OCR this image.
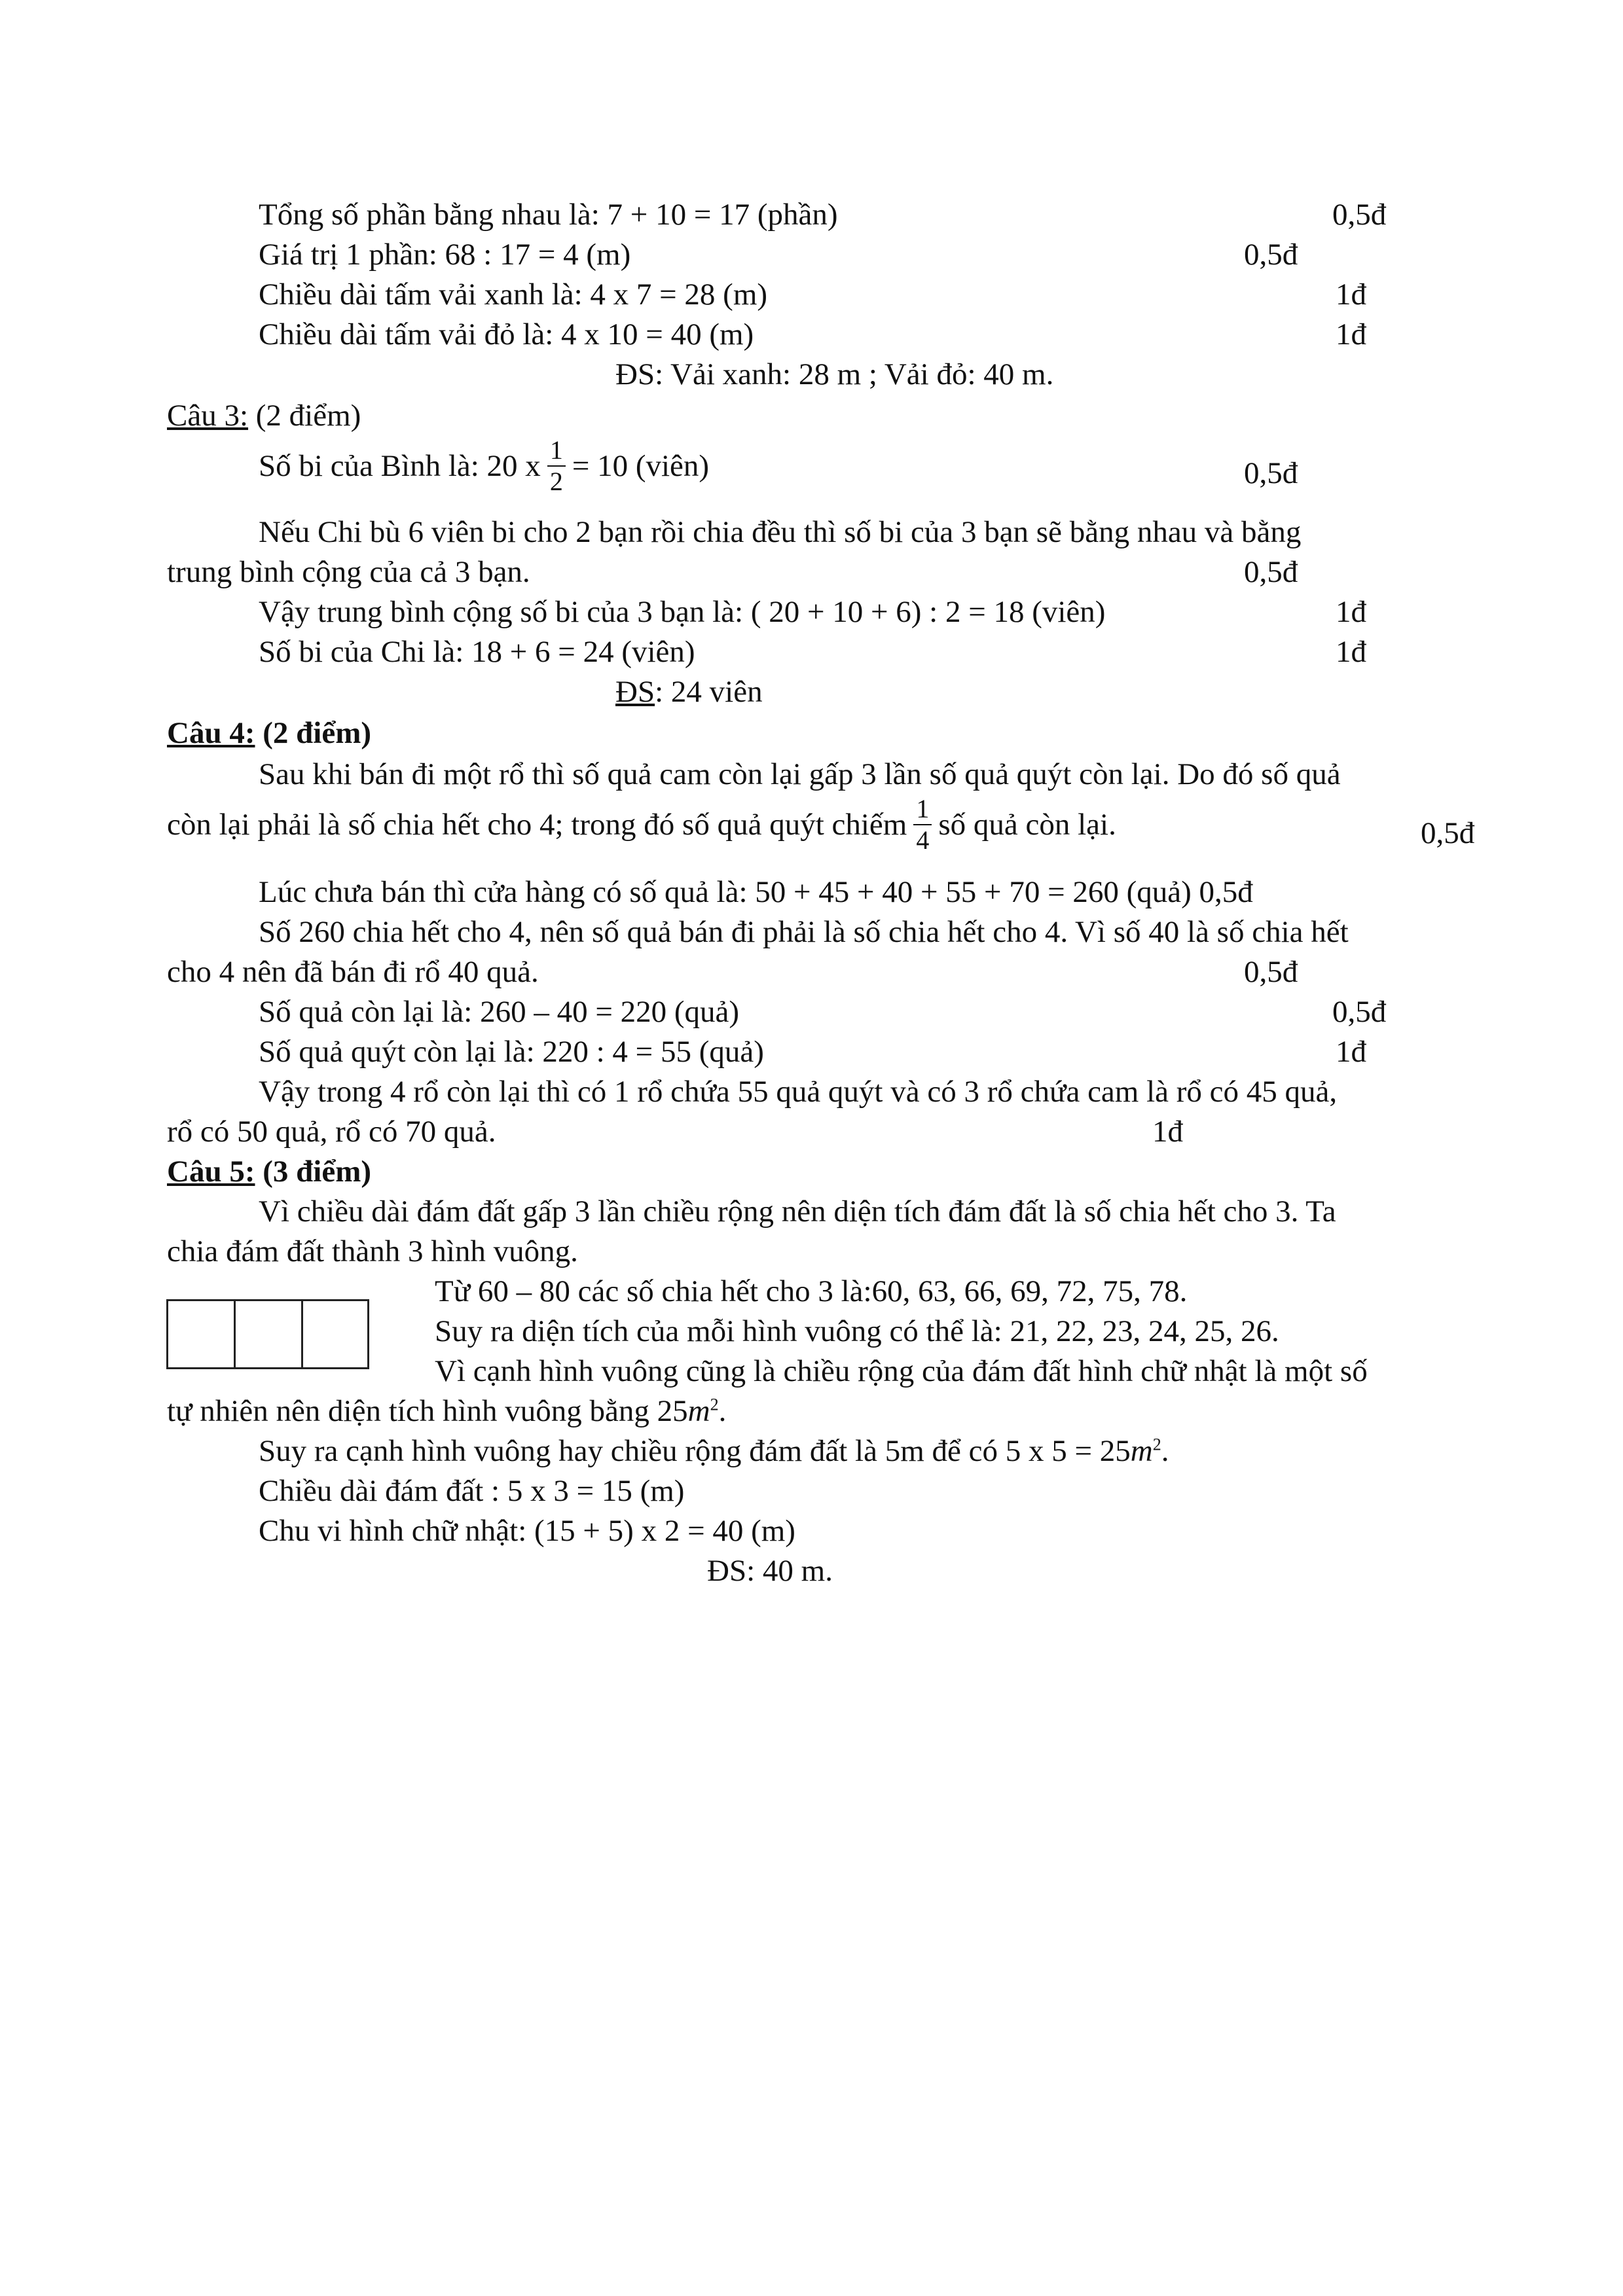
Tổng số phần bằng nhau là: 7 + 10 = 17 (phần)	0,5đ
Giá trị 1 phần: 68 : 17 = 4 (m)	0,5đ
Chiều dài tấm vải xanh là: 4 x 7 = 28 (m)	1đ
Chiều dài tấm vải đỏ là: 4 x 10 = 40 (m)	1đ
ĐS: Vải xanh: 28 m ; Vải đỏ: 40 m.
Câu 3: (2 điểm)
Số bi của Bình là: 20 x $\frac{1}{2} = 10$ (viên)	0,5đ
Nếu Chi bù 6 viên bi cho 2 bạn rồi chia đều thì số bi của 3 bạn sẽ bằng nhau và bằng
trung bình cộng của cả 3 bạn.	0,5đ
Vậy trung bình cộng số bi của 3 bạn là: ( 20 + 10 + 6) : 2 = 18 (viên)	1đ
Số bi của Chi là: 18 + 6 = 24 (viên)	1đ
ĐS: 24 viên
Câu 4: (2 điểm)
Sau khi bán đi một rổ thì số quả cam còn lại gấp 3 lần số quả quýt còn lại. Do đó số quả
còn lại phải là số chia hết cho 4; trong đó số quả quýt chiếm $\frac{1}{4}$ số quả còn lại.	0,5đ
Lúc chưa bán thì cửa hàng có số quả là: 50 + 45 + 40 + 55 + 70 = 260 (quả) 0,5đ
Số 260 chia hết cho 4, nên số quả bán đi phải là số chia hết cho 4. Vì số 40 là số chia hết
cho 4 nên đã bán đi rổ 40 quả.	0,5đ
Số quả còn lại là: 260 – 40 = 220 (quả)	0,5đ
Số quả quýt còn lại là: 220 : 4 = 55 (quả)	1đ
Vậy trong 4 rổ còn lại thì có 1 rổ chứa 55 quả quýt và có 3 rổ chứa cam là rổ có 45 quả,
rổ có 50 quả, rổ có 70 quả.	1đ
Câu 5: (3 điểm)
Vì chiều dài đám đất gấp 3 lần chiều rộng nên diện tích đám đất là số chia hết cho 3. Ta
chia đám đất thành 3 hình vuông.
Từ 60 – 80 các số chia hết cho 3 là:60, 63, 66, 69, 72, 75, 78.
Suy ra diện tích của mỗi hình vuông có thể là: 21, 22, 23, 24, 25, 26.
Vì cạnh hình vuông cũng là chiều rộng của đám đất hình chữ nhật là một số
tự nhiên nên diện tích hình vuông bằng $25m^2$.
Suy ra cạnh hình vuông hay chiều rộng đám đất là 5m để có 5 x $5 = 25m^2$.
Chiều dài đám đất : 5 x 3 = 15 (m)
Chu vi hình chữ nhật: (15 + 5) x 2 = 40 (m)
ĐS: 40 m.
